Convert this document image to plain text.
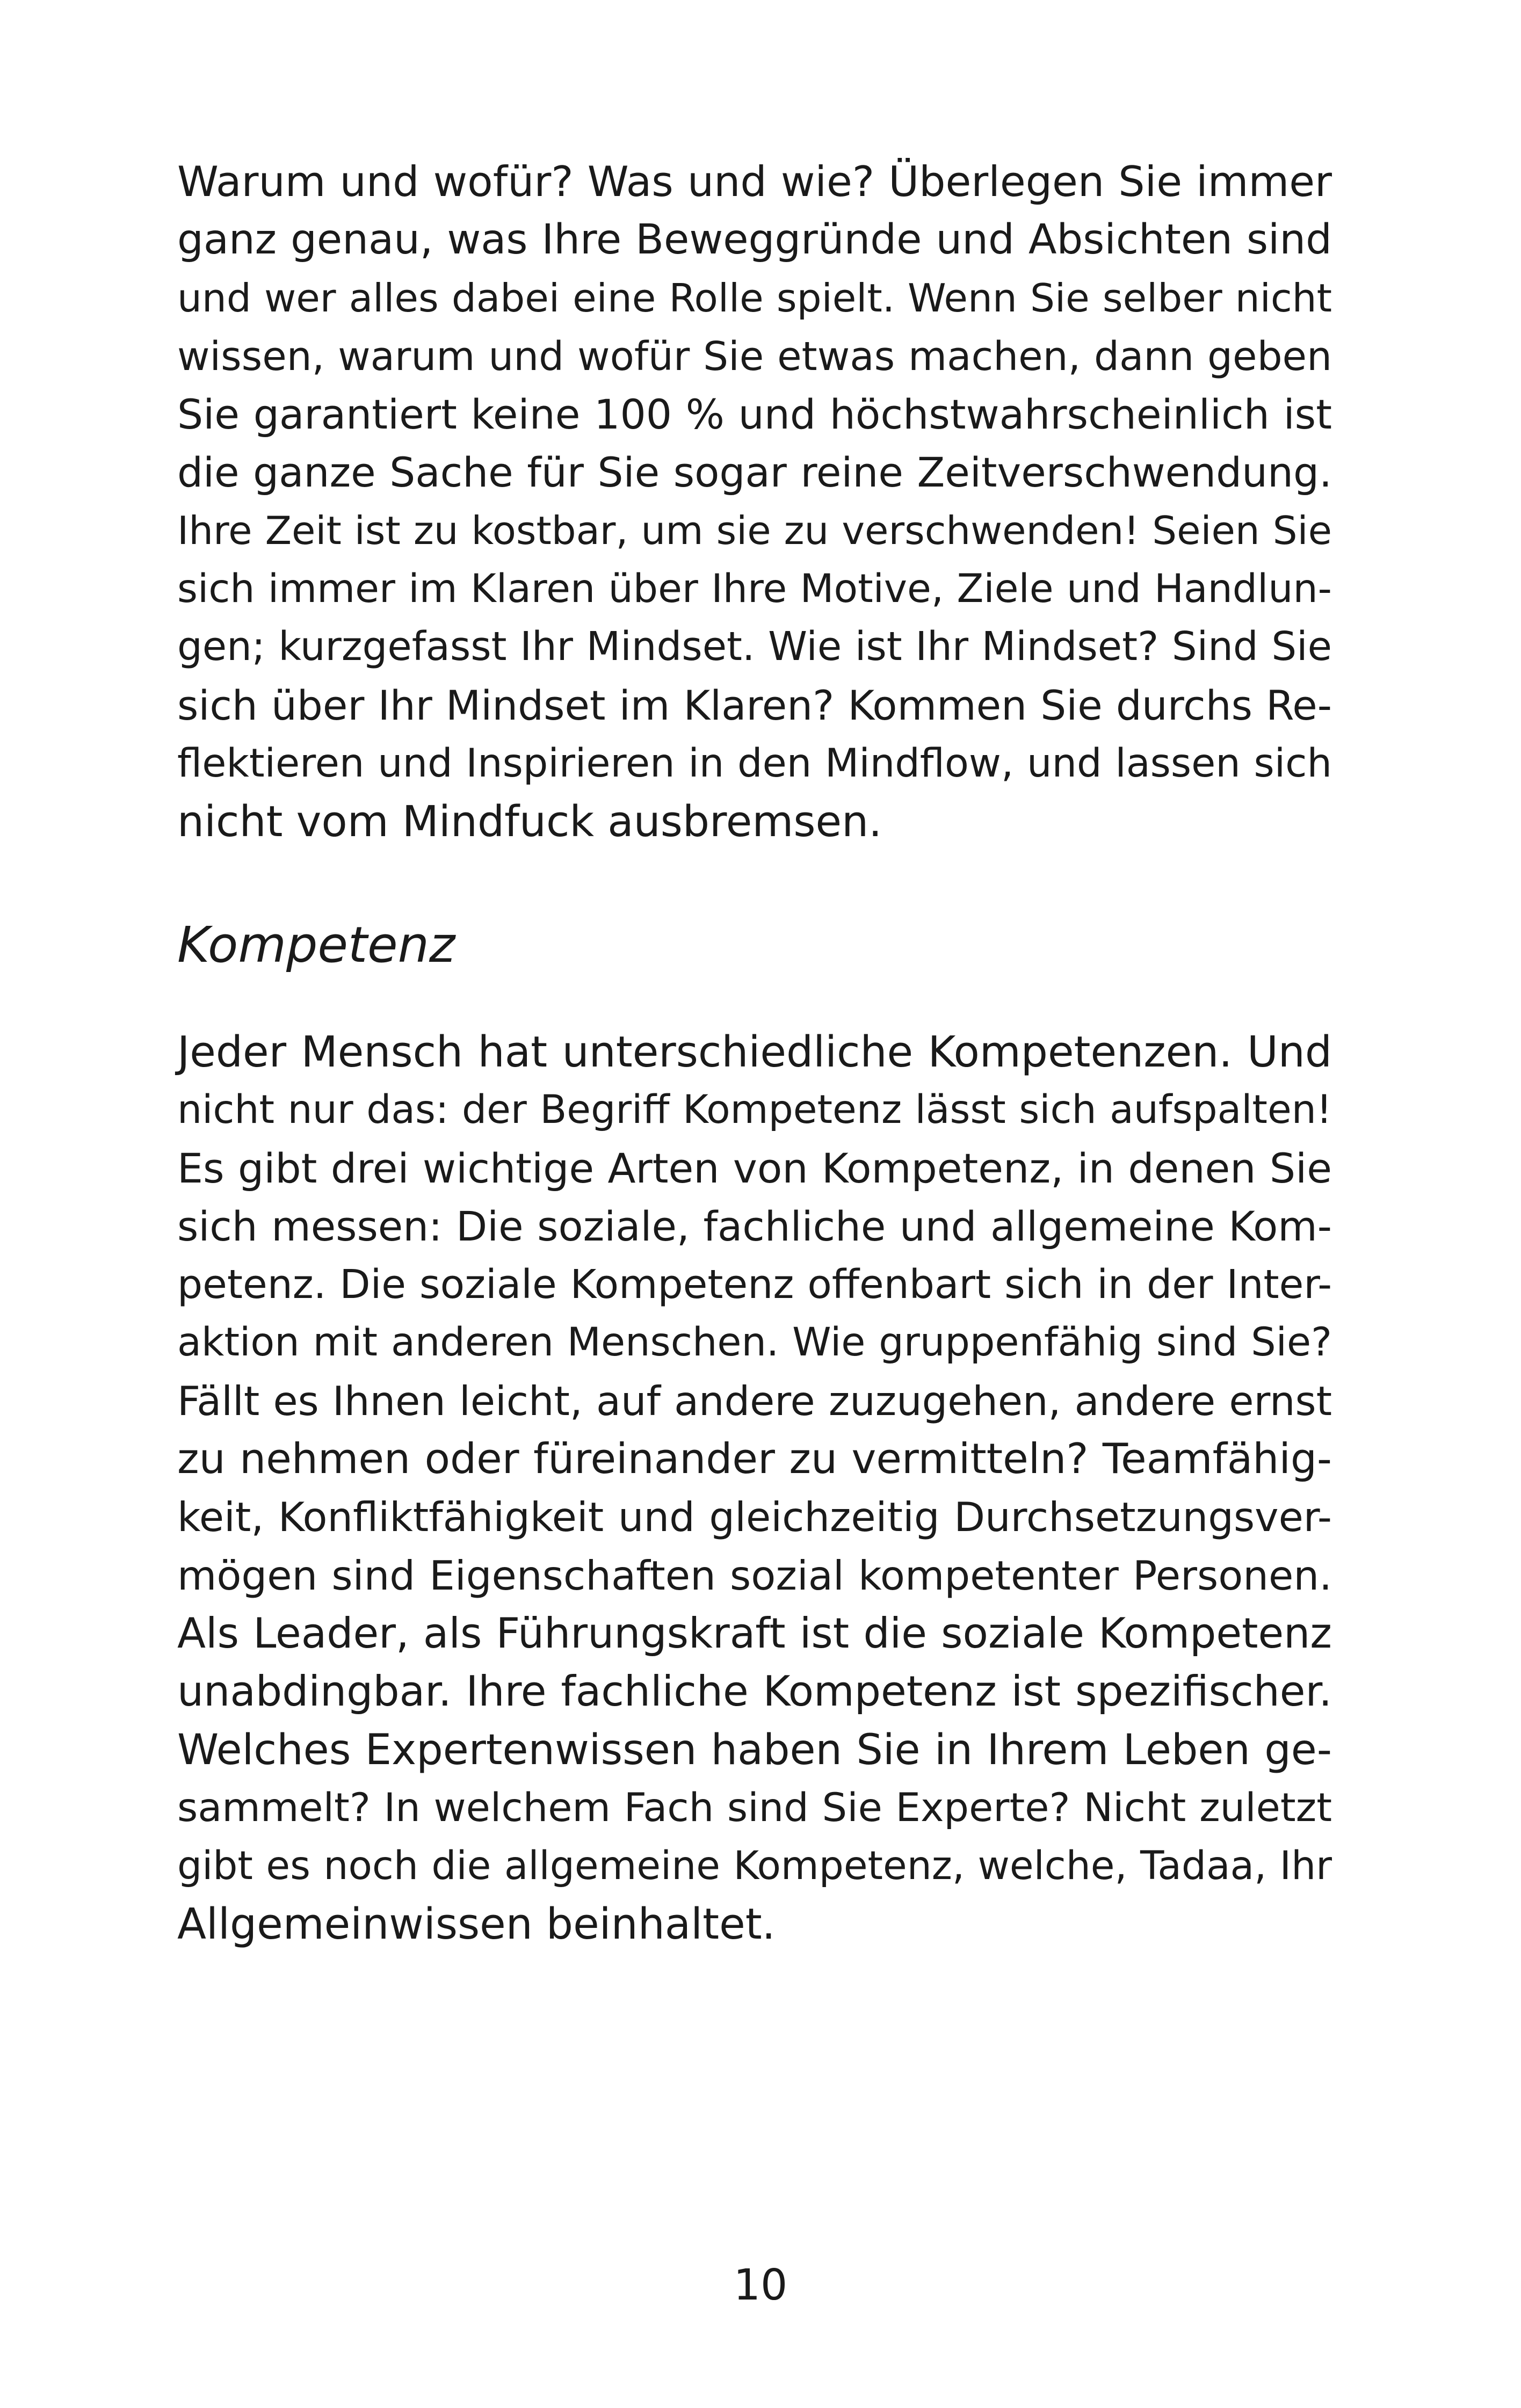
Warum und wofür? Was und wie? Überlegen Sie immer
ganz genau, was Ihre Beweggründe und Absichten sind
und wer alles dabei eine Rolle spielt. Wenn Sie selber nicht
wissen, warum und wofür Sie etwas machen, dann geben
Sie garantiert keine 100 % und höchstwahrscheinlich ist
die ganze Sache für Sie sogar reine Zeitverschwendung.
Ihre Zeit ist zu kostbar, um sie zu verschwenden! Seien Sie
sich immer im Klaren über Ihre Motive, Ziele und Handlun-
gen; kurzgefasst Ihr Mindset. Wie ist Ihr Mindset? Sind Sie
sich über Ihr Mindset im Klaren? Kommen Sie durchs Re-
flektieren und Inspirieren in den Mindflow, und lassen sich
nicht vom Mindfuck ausbremsen.
Kompetenz
Jeder Mensch hat unterschiedliche Kompetenzen. Und
nicht nur das: der Begriff Kompetenz lässt sich aufspalten!
Es gibt drei wichtige Arten von Kompetenz, in denen Sie
sich messen: Die soziale, fachliche und allgemeine Kom-
petenz. Die soziale Kompetenz offenbart sich in der Inter-
aktion mit anderen Menschen. Wie gruppenfähig sind Sie?
Fällt es Ihnen leicht, auf andere zuzugehen, andere ernst
zu nehmen oder füreinander zu vermitteln? Teamfähig-
keit, Konfliktfähigkeit und gleichzeitig Durchsetzungsver-
mögen sind Eigenschaften sozial kompetenter Personen.
Als Leader, als Führungskraft ist die soziale Kompetenz
unabdingbar. Ihre fachliche Kompetenz ist spezifischer.
Welches Expertenwissen haben Sie in Ihrem Leben ge-
sammelt? In welchem Fach sind Sie Experte? Nicht zuletzt
gibt es noch die allgemeine Kompetenz, welche, Tadaa, Ihr
Allgemeinwissen beinhaltet.
10
